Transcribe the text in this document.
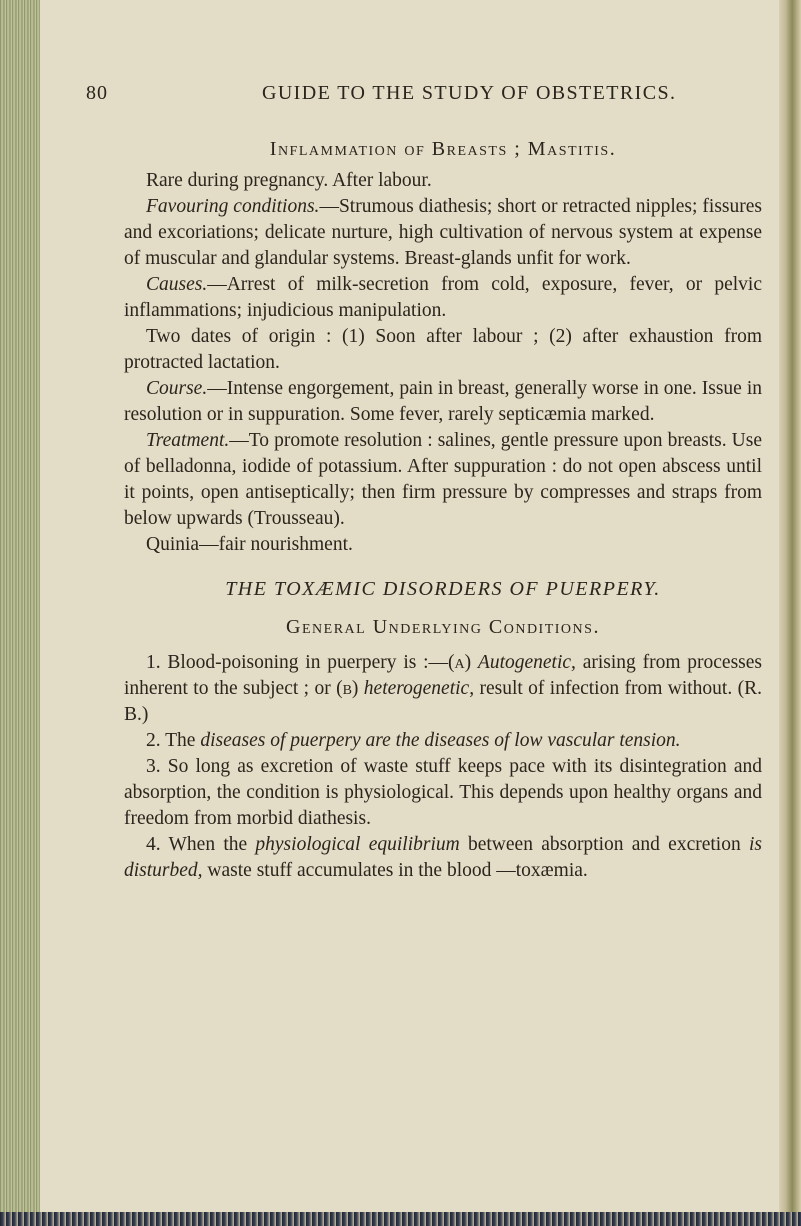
80	GUIDE TO THE STUDY OF OBSTETRICS.
Inflammation of Breasts ; Mastitis.

Rare during pregnancy. After labour.

Favouring conditions.—Strumous diathesis; short or retracted nipples; fissures and excoriations; delicate nurture, high cultivation of nervous system at expense of muscular and glandular systems. Breast-glands unfit for work.

Causes.—Arrest of milk-secretion from cold, exposure, fever, or pelvic inflammations; injudicious manipulation.

Two dates of origin : (1) Soon after labour ; (2) after exhaustion from protracted lactation.

Course.—Intense engorgement, pain in breast, generally worse in one. Issue in resolution or in suppuration. Some fever, rarely septicæmia marked.

Treatment.—To promote resolution : salines, gentle pressure upon breasts. Use of belladonna, iodide of potassium. After suppuration : do not open abscess until it points, open antiseptically; then firm pressure by compresses and straps from below upwards (Trousseau).

Quinia—fair nourishment.

THE TOXÆMIC DISORDERS OF PUERPERY.
General Underlying Conditions.

1. Blood-poisoning in puerpery is :—(a) Autogenetic, arising from processes inherent to the subject ; or (b) heterogenetic, result of infection from without. (R. B.)

2. The diseases of puerpery are the diseases of low vascular tension.

3. So long as excretion of waste stuff keeps pace with its disintegration and absorption, the condition is physiological. This depends upon healthy organs and freedom from morbid diathesis.

4. When the physiological equilibrium between absorption and excretion is disturbed, waste stuff accumulates in the blood —toxæmia.
